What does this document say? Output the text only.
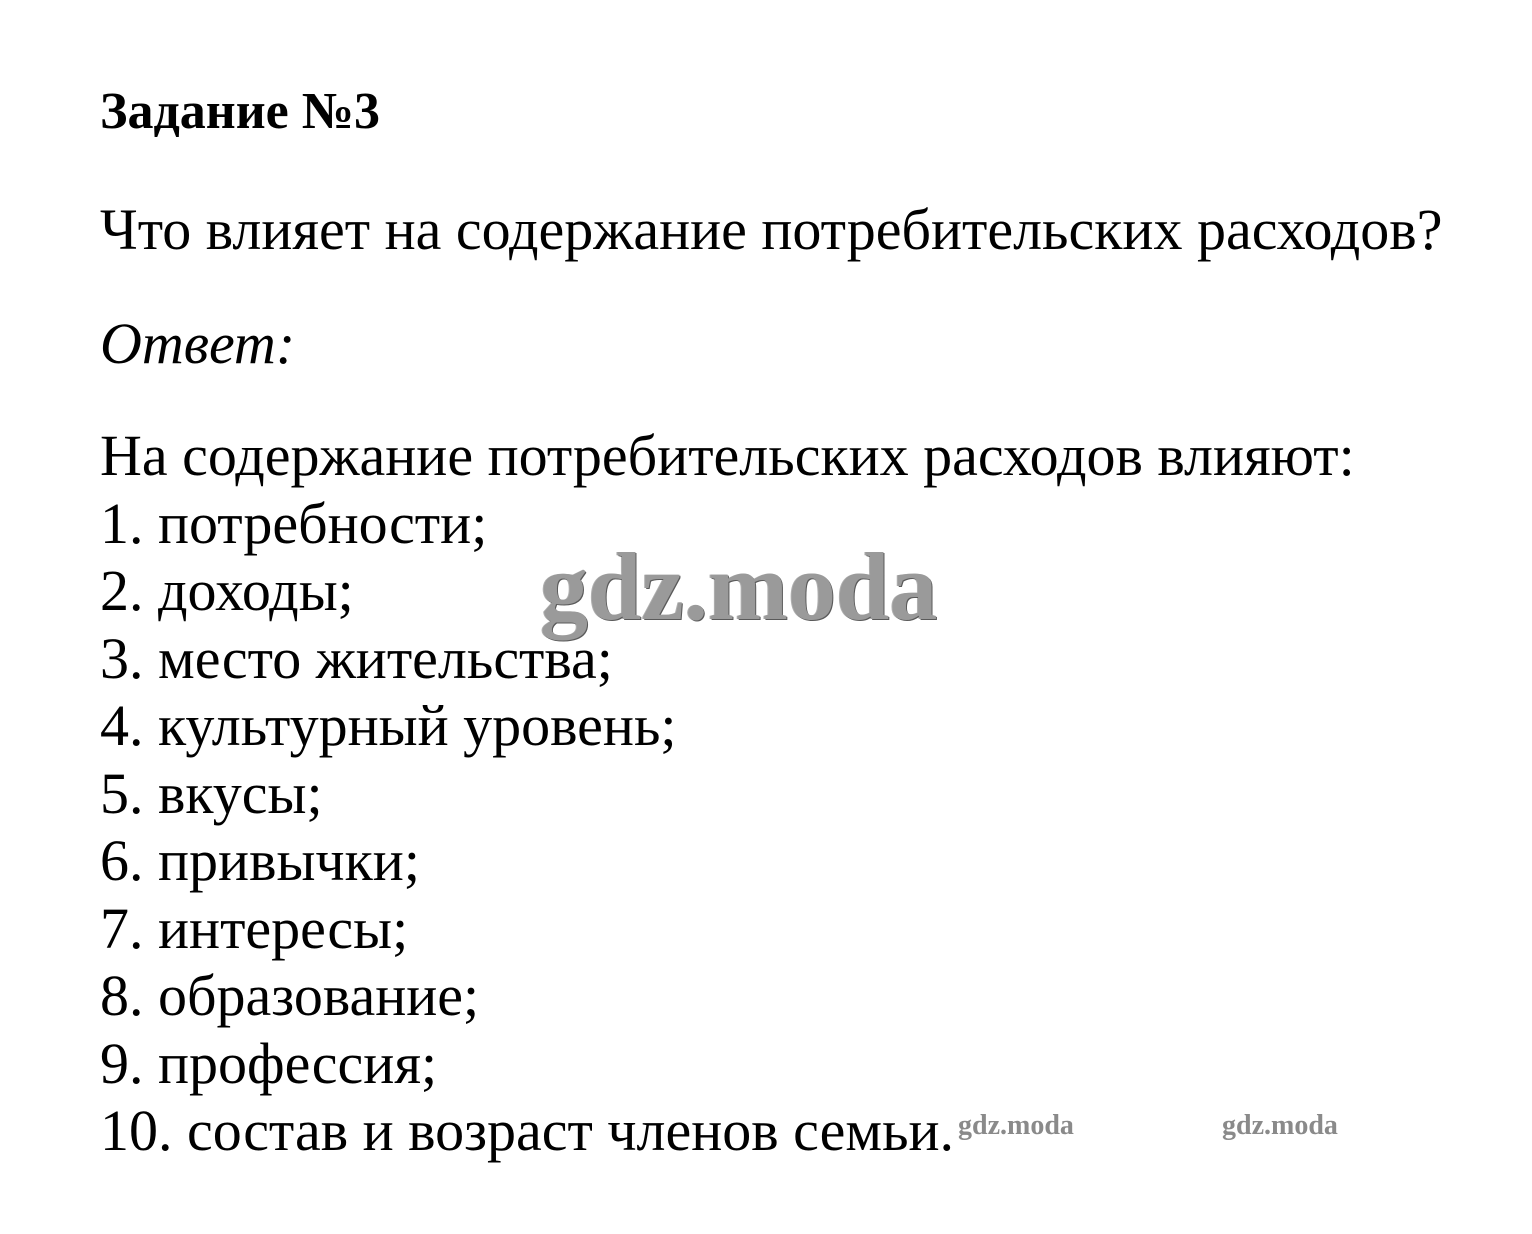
Задание №3
Что влияет на содержание потребительских расходов?
Ответ:
На содержание потребительских расходов влияют:
1. потребности;
2. доходы;
3. место жительства;
4. культурный уровень;
5. вкусы;
6. привычки;
7. интересы;
8. образование;
9. профессия;
10. состав и возраст членов семьи.
gdz.moda
gdz.moda	gdz.moda
